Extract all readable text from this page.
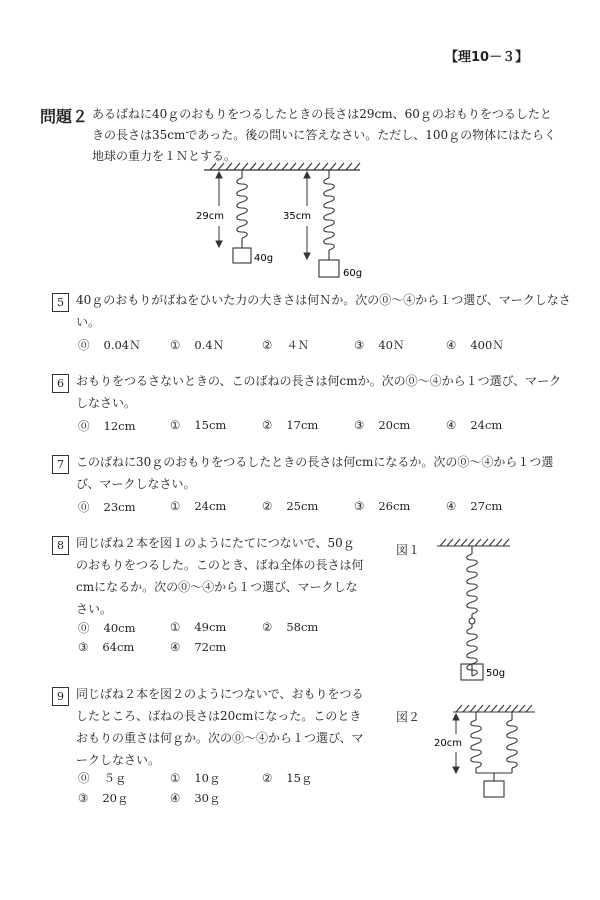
【理10－３】
問題２ あるばねに40ｇのおもりをつるしたときの長さは29cm、60ｇのおもりをつるしたときの長さは35cmであった。後の問いに答えなさい。ただし、100ｇの物体にはたらく地球の重力を１Ｎとする。
29cm	35cm
40g
60g
5	40ｇのおもりがばねをひいた力の大きさは何Ｎか。次の⓪～④から１つ選び、マークしなさい。
⓪ 0.04Ｎ	① 0.4Ｎ	② ４Ｎ	③ 40Ｎ	④ 400Ｎ
6	おもりをつるさないときの、このばねの長さは何cmか。次の⓪～④から１つ選び、マークしなさい。
⓪ 12cm	① 15cm	② 17cm	③ 20cm	④ 24cm
7	このばねに30ｇのおもりをつるしたときの長さは何cmになるか。次の⓪～④から１つ選び、マークしなさい。
⓪ 23cm	① 24cm	② 25cm	③ 26cm	④ 27cm
8	同じばね２本を図１のようにたてにつないで、50ｇのおもりをつるした。このとき、ばね全体の長さは何cmになるか。次の⓪～④から１つ選び、マークしなさい。
⓪ 40cm	① 49cm	② 58cm
③ 64cm	④ 72cm
9	同じばね２本を図２のようにつないで、おもりをつるしたところ、ばねの長さは20cmになった。このときおもりの重さは何ｇか。次の⓪～④から１つ選び、マークしなさい。
⓪ ５ｇ	① 10ｇ	② 15ｇ
③ 20ｇ	④ 30ｇ
図１
50g
図２
20cm
